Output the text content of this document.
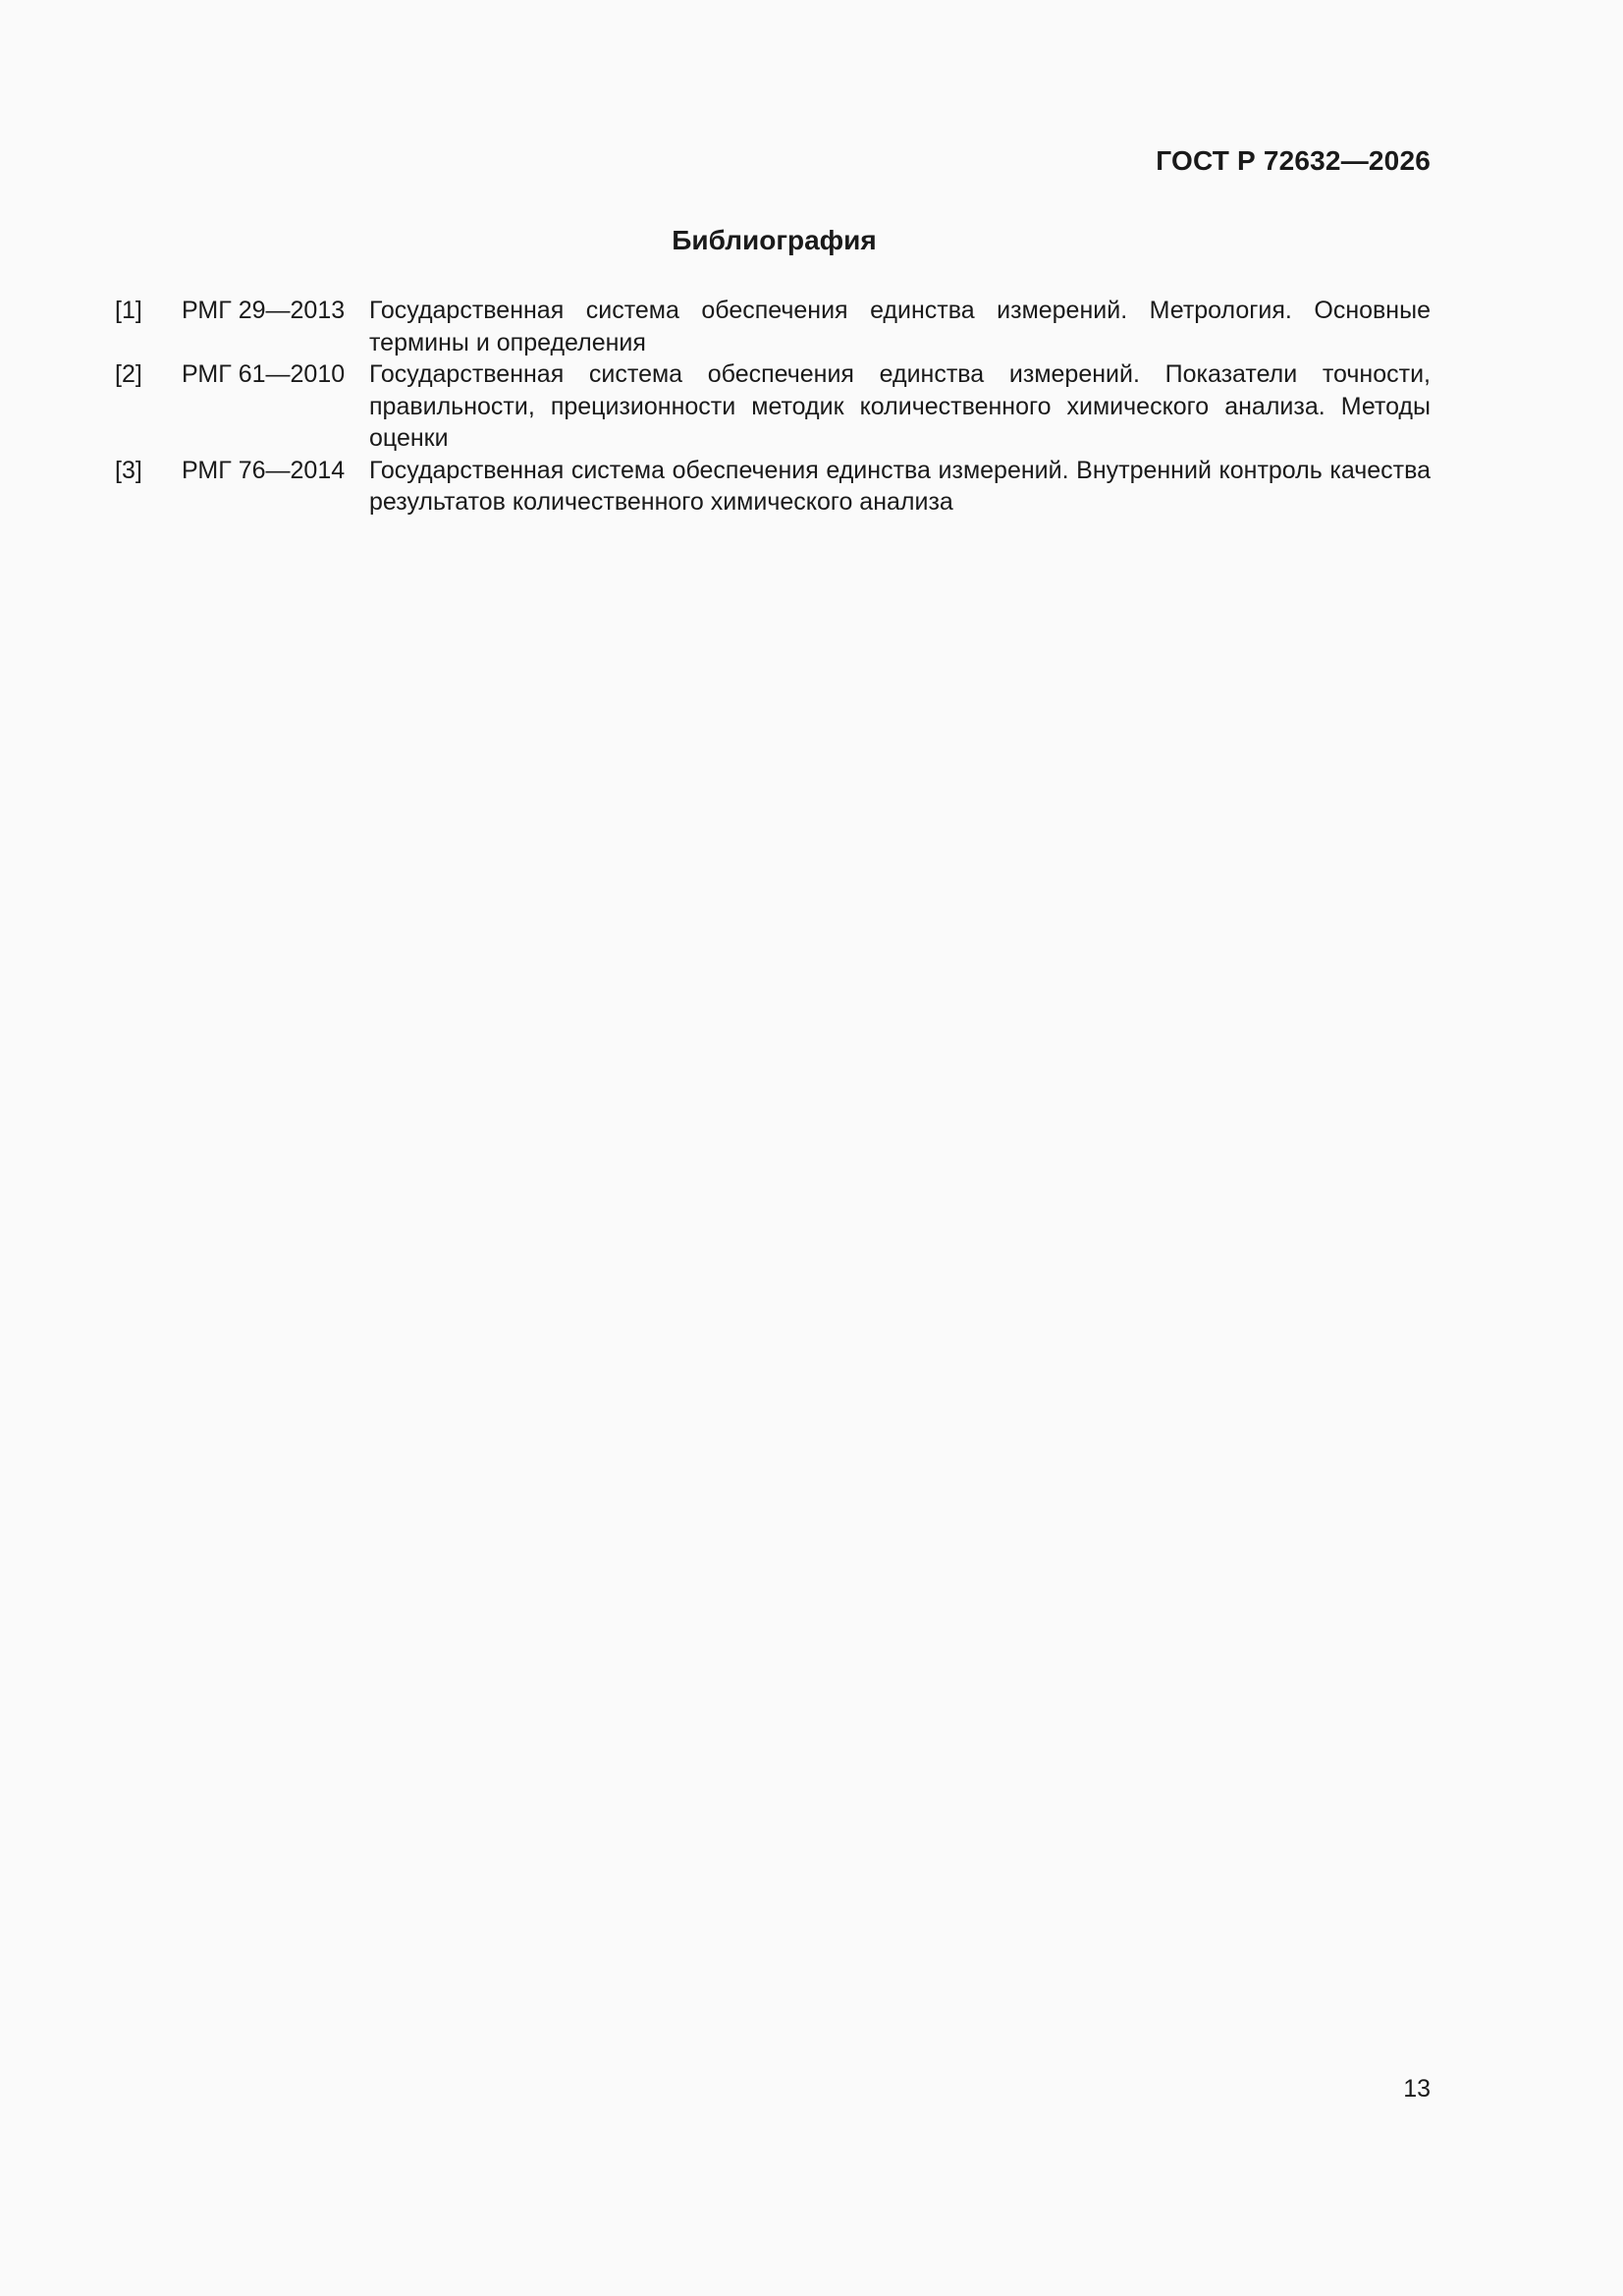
ГОСТ Р 72632—2026
Библиография
[1]	РМГ 29—2013 Государственная система обеспечения единства измерений. Метрология. Основные термины и определения
[2]	РМГ 61—2010 Государственная система обеспечения единства измерений. Показатели точности, правильности, прецизионности методик количественного химического анализа. Методы оценки
[3]	РМГ 76—2014 Государственная система обеспечения единства измерений. Внутренний контроль качества результатов количественного химического анализа
13
